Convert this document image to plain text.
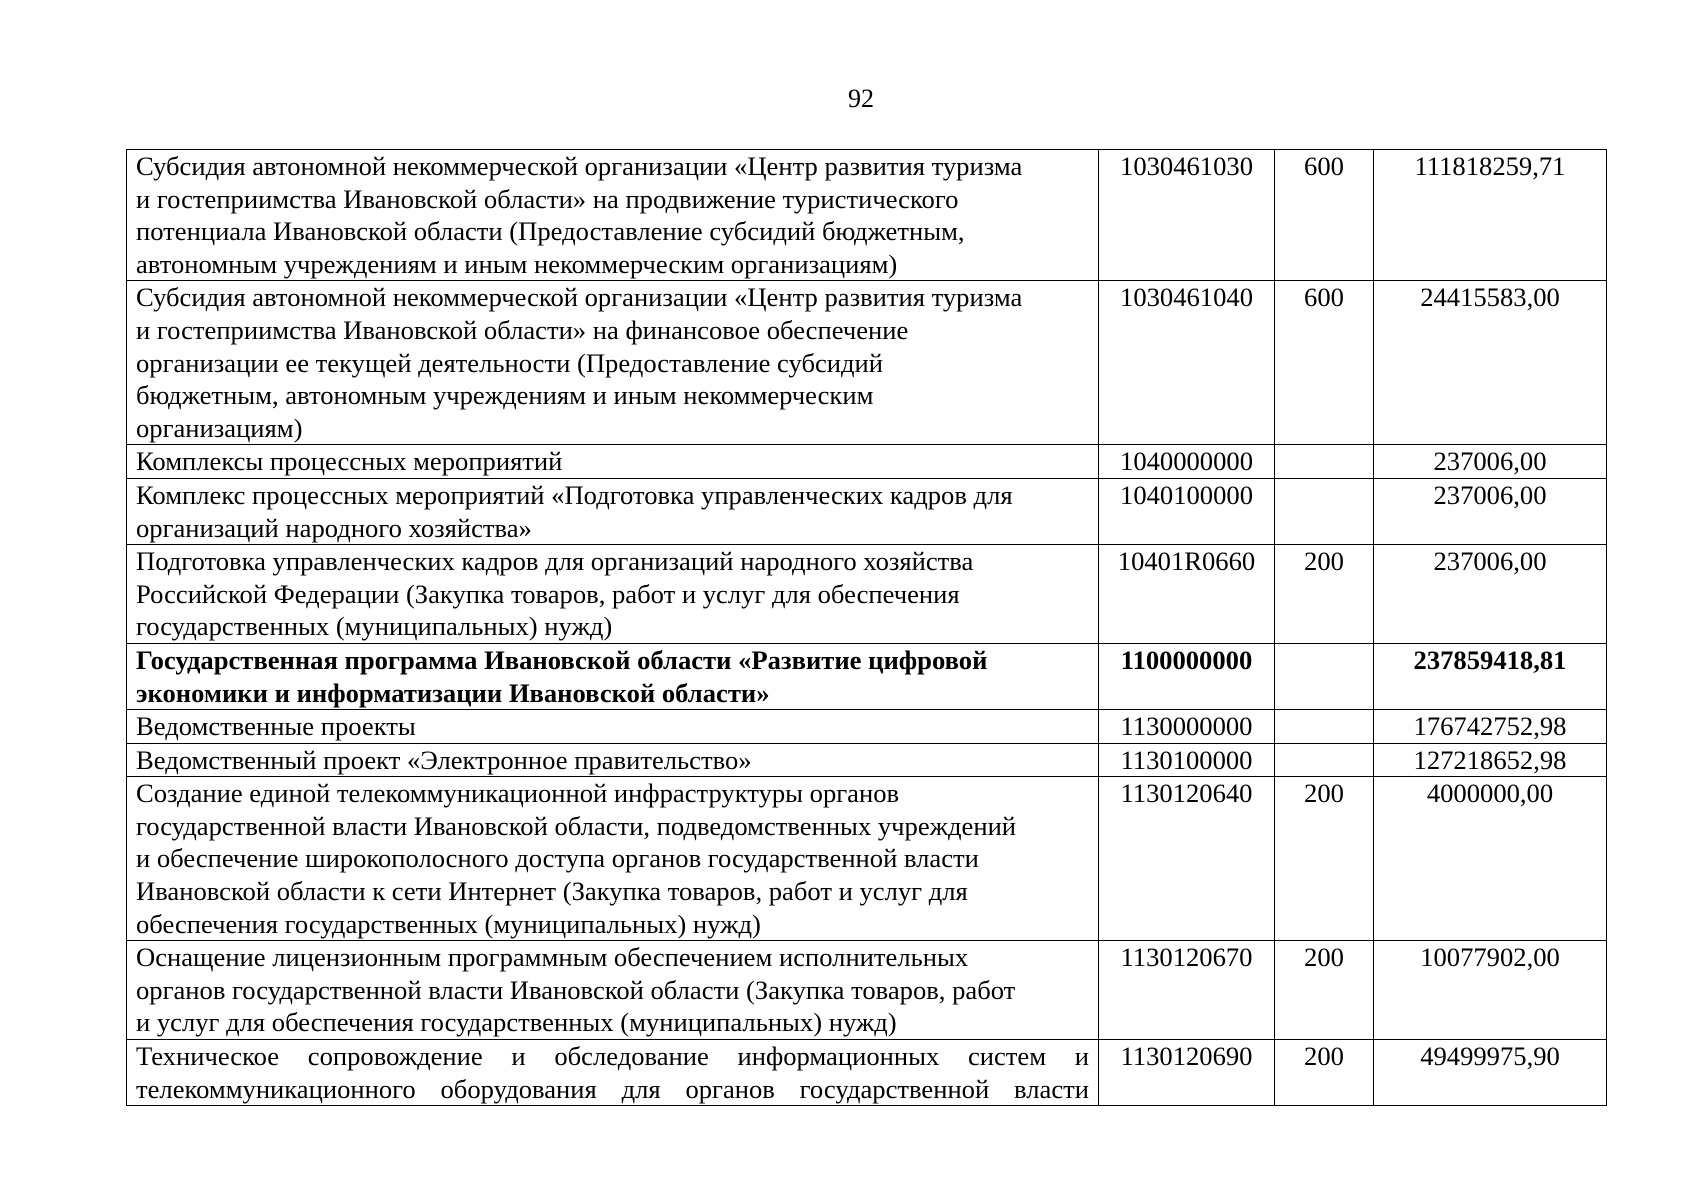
92
Субсидия автономной некоммерческой организации «Центр развития туризма
и гостеприимства Ивановской области» на продвижение туристического
потенциала Ивановской области (Предоставление субсидий бюджетным,
автономным учреждениям и иным некоммерческим организациям)	1030461030	600	111818259,71

Субсидия автономной некоммерческой организации «Центр развития туризма
и гостеприимства Ивановской области» на финансовое обеспечение
организации ее текущей деятельности (Предоставление субсидий
бюджетным, автономным учреждениям и иным некоммерческим
организациям)	1030461040	600	24415583,00

Комплексы процессных мероприятий	1040000000		237006,00

Комплекс процессных мероприятий «Подготовка управленческих кадров для
организаций народного хозяйства»	1040100000		237006,00

Подготовка управленческих кадров для организаций народного хозяйства
Российской Федерации (Закупка товаров, работ и услуг для обеспечения
государственных (муниципальных) нужд)	10401R0660	200	237006,00

Государственная программа Ивановской области «Развитие цифровой
экономики и информатизации Ивановской области»	1100000000		237859418,81

Ведомственные проекты	1130000000		176742752,98

Ведомственный проект «Электронное правительство»	1130100000		127218652,98

Создание единой телекоммуникационной инфраструктуры органов
государственной власти Ивановской области, подведомственных учреждений
и обеспечение широкополосного доступа органов государственной власти
Ивановской области к сети Интернет (Закупка товаров, работ и услуг для
обеспечения государственных (муниципальных) нужд)	1130120640	200	4000000,00

Оснащение лицензионным программным обеспечением исполнительных
органов государственной власти Ивановской области (Закупка товаров, работ
и услуг для обеспечения государственных (муниципальных) нужд)	1130120670	200	10077902,00

Техническое сопровождение и обследование информационных систем и
телекоммуникационного оборудования для органов государственной власти	1130120690	200	49499975,90
